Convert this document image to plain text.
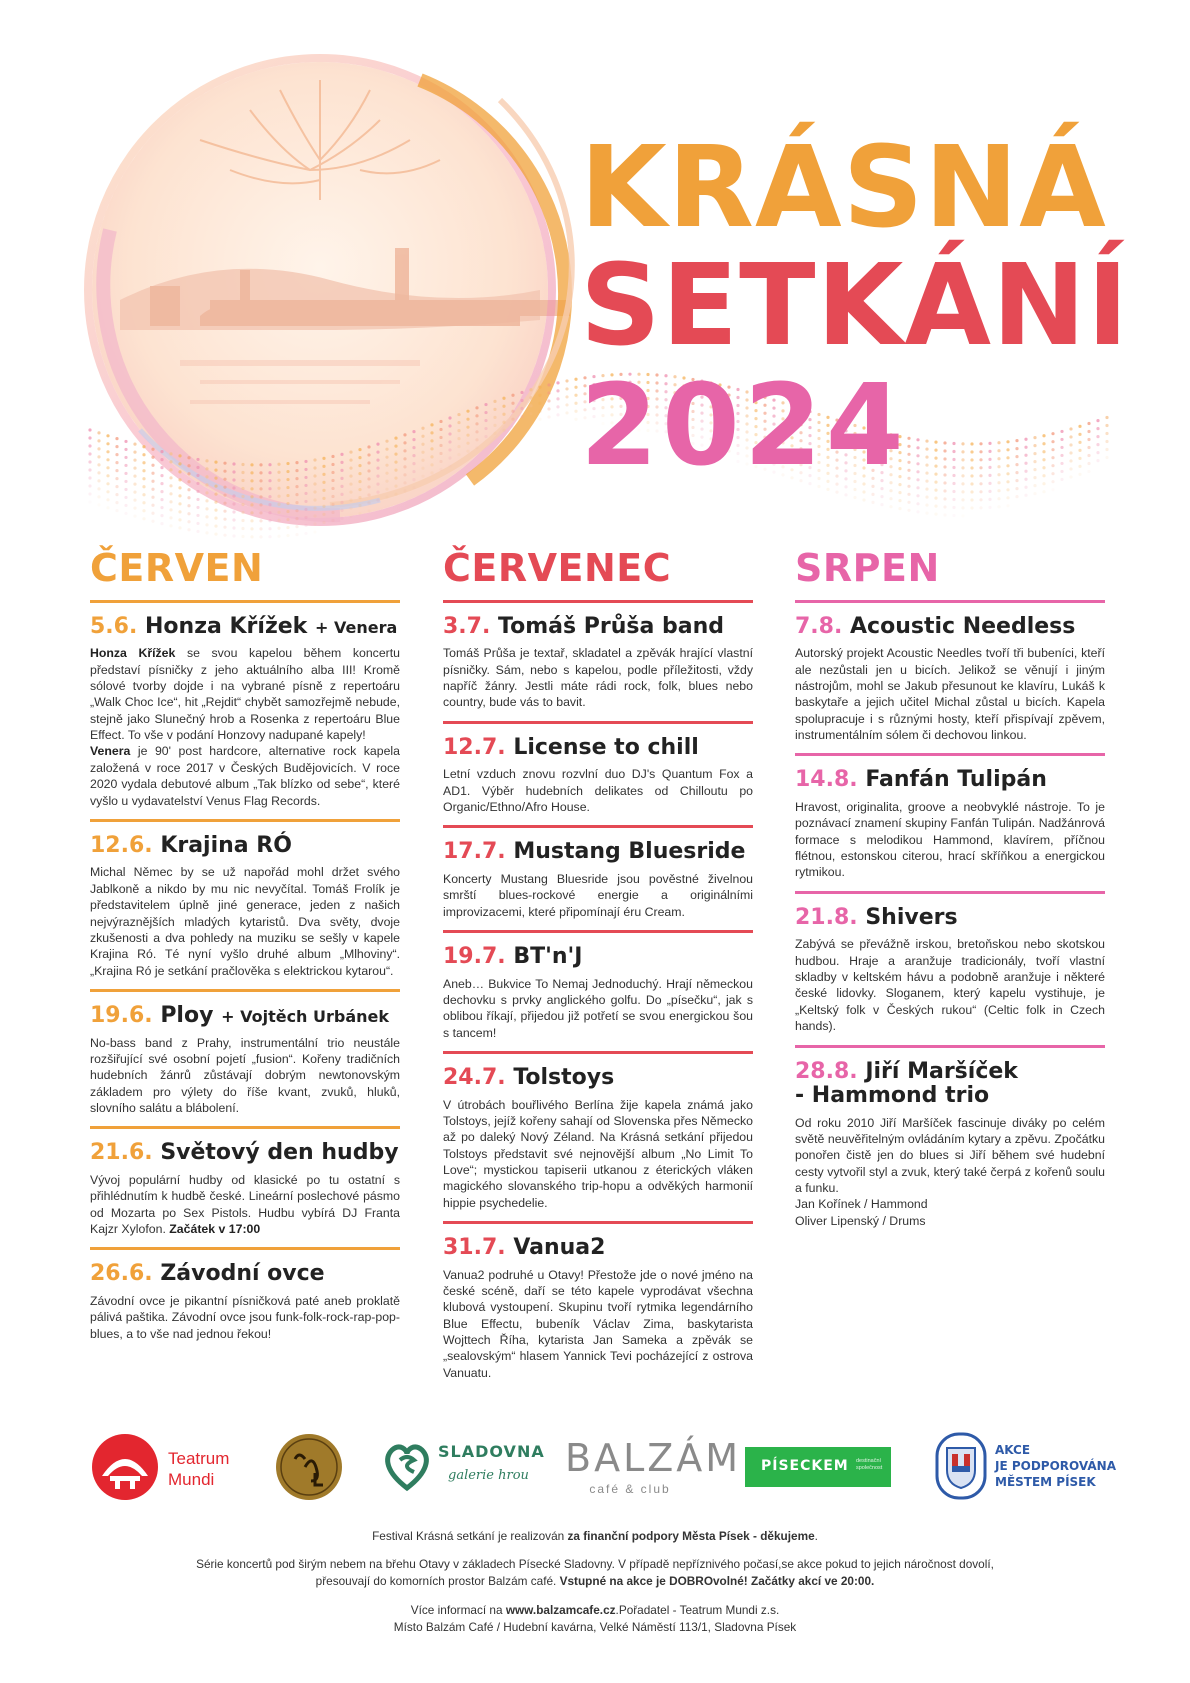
KRÁSNÁ
SETKÁNÍ
2024
ČERVEN
5.6. Honza Křížek + Venera

Honza Křížek se svou kapelou během koncertu představí písničky z jeho aktuálního alba III! Kromě sólové tvorby dojde i na vybrané písně z repertoáru „Walk Choc Ice“, hit „Rejdit“ chybět samozřejmě nebude, stejně jako Slunečný hrob a Rosenka z repertoáru Blue Effect. To vše v podání Honzovy nadupané kapely!
Venera je 90' post hardcore, alternative rock kapela založená v roce 2017 v Českých Budějovicích. V roce 2020 vydala debutové album „Tak blízko od sebe“, které vyšlo u vydavatelství Venus Flag Records.

12.6. Krajina RÓ

Michal Němec by se už napořád mohl držet svého Jablkoně a nikdo by mu nic nevyčítal. Tomáš Frolík je představitelem úplně jiné generace, jeden z našich nejvýraznějších mladých kytaristů. Dva světy, dvoje zkušenosti a dva pohledy na muziku se sešly v kapele Krajina Ró. Té nyní vyšlo druhé album „Mlhoviny“. „Krajina Ró je setkání pračlověka s elektrickou kytarou“.

19.6. Ploy + Vojtěch Urbánek

No-bass band z Prahy, instrumentální trio neustále rozšiřující své osobní pojetí „fusion“. Kořeny tradičních hudebních žánrů zůstávají dobrým newtonovským základem pro výlety do říše kvant, zvuků, hluků, slovního salátu a blábolení.

21.6. Světový den hudby

Vývoj populární hudby od klasické po tu ostatní s přihlédnutím k hudbě české. Lineární poslechové pásmo od Mozarta po Sex Pistols. Hudbu vybírá DJ Franta Kajzr Xylofon. Začátek v 17:00

26.6. Závodní ovce

Závodní ovce je pikantní písničková paté aneb proklatě pálivá paštika. Závodní ovce jsou funk-folk-rock-rap-pop-blues, a to vše nad jednou řekou!

ČERVENEC
3.7. Tomáš Průša band

Tomáš Průša je textař, skladatel a zpěvák hrající vlastní písničky. Sám, nebo s kapelou, podle příležitosti, vždy napříč žánry. Jestli máte rádi rock, folk, blues nebo country, bude vás to bavit.

12.7. License to chill

Letní vzduch znovu rozvlní duo DJ's Quantum Fox a AD1. Výběr hudebních delikates od Chilloutu po Organic/Ethno/Afro House.

17.7. Mustang Bluesride

Koncerty Mustang Bluesride jsou pověstné živelnou smrští blues-rockové energie a originálními improvizacemi, které připomínají éru Cream.

19.7. BT'n'J

Aneb… Bukvice To Nemaj Jednoduchý. Hrají německou dechovku s prvky anglického golfu. Do „písečku“, jak s oblibou říkají, přijedou již potřetí se svou energickou šou s tancem!

24.7. Tolstoys

V útrobách bouřlivého Berlína žije kapela známá jako Tolstoys, jejíž kořeny sahají od Slovenska přes Německo až po daleký Nový Zéland. Na Krásná setkání přijedou Tolstoys představit své nejnovější album „No Limit To Love“; mystickou tapiserii utkanou z éterických vláken magického slovanského trip-hopu a odvěkých harmonií hippie psychedelie.

31.7. Vanua2

Vanua2 podruhé u Otavy! Přestože jde o nové jméno na české scéně, daří se této kapele vyprodávat všechna klubová vystoupení. Skupinu tvoří rytmika legendárního Blue Effectu, bubeník Václav Zima, baskytarista Wojttech Říha, kytarista Jan Sameka a zpěvák se „sealovským“ hlasem Yannick Tevi pocházející z ostrova Vanuatu.

SRPEN
7.8. Acoustic Needless

Autorský projekt Acoustic Needles tvoří tři bubeníci, kteří ale nezůstali jen u bicích. Jelikož se věnují i jiným nástrojům, mohl se Jakub přesunout ke klavíru, Lukáš k baskytaře a jejich učitel Michal zůstal u bicích. Kapela spolupracuje i s různými hosty, kteří přispívají zpěvem, instrumentálním sólem či dechovou linkou.

14.8. Fanfán Tulipán

Hravost, originalita, groove a neobvyklé nástroje. To je poznávací znamení skupiny Fanfán Tulipán. Nadžánrová formace s melodikou Hammond, klavírem, příčnou flétnou, estonskou citerou, hrací skříňkou a energickou rytmikou.

21.8. Shivers

Zabývá se převážně irskou, bretoňskou nebo skotskou hudbou. Hraje a aranžuje tradicionály, tvoří vlastní skladby v keltském hávu a podobně aranžuje i některé české lidovky. Sloganem, který kapelu vystihuje, je „Keltský folk v Českých rukou“ (Celtic folk in Czech hands).

28.8. Jiří Maršíček
- Hammond trio

Od roku 2010 Jiří Maršíček fascinuje diváky po celém světě neuvěřitelným ovládáním kytary a zpěvu. Zpočátku ponořen čistě jen do blues si Jiří během své hudební cesty vytvořil styl a zvuk, který také čerpá z kořenů soulu a funku.
Jan Kořínek / Hammond
Oliver Lipenský / Drums

Teatrum
Mundi
SLADOVNA
galerie hrou BALZÁM
café & club
PÍSECKEM destinační společnost
AKCE
JE PODPOROVÁNA
MĚSTEM PÍSEK

Festival Krásná setkání je realizován za finanční podpory Města Písek - děkujeme.

Série koncertů pod širým nebem na břehu Otavy v základech Písecké Sladovny. V případě nepříznivého počasí,se akce pokud to jejich náročnost dovolí,
přesouvají do komorních prostor Balzám café. Vstupné na akce je DOBROvolné! Začátky akcí ve 20:00.

Více informací na www.balzamcafe.cz.Pořadatel - Teatrum Mundi z.s.
Místo Balzám Café / Hudební kavárna, Velké Náměstí 113/1, Sladovna Písek
